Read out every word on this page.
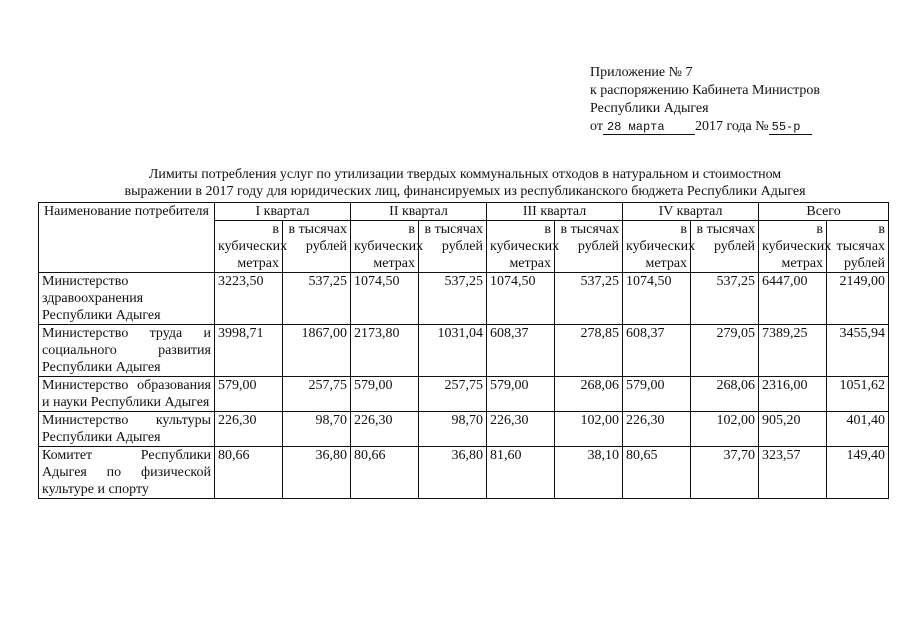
Приложение № 7
к распоряжению Кабинета Министров
Республики Адыгея
от 28 марта 2017 года № 55-р
Лимиты потребления услуг по утилизации твердых коммунальных отходов в натуральном и стоимостном
выражении в 2017 году для юридических лиц, финансируемых из республиканского бюджета Республики Адыгея
Наименование потребителя	I квартал		II квартал		III квартал		IV квартал		Всего	
	в кубических метрах	в тысячах рублей	в кубических метрах	в тысячах рублей	в кубических метрах	в тысячах рублей	в кубических метрах	в тысячах рублей	в кубических метрах	в тысячах рублей
Министерство здравоохранения Республики Адыгея	3223,50	537,25	1074,50	537,25	1074,50	537,25	1074,50	537,25	6447,00	2149,00
Министерство труда и социального развития Республики Адыгея	3998,71	1867,00	2173,80	1031,04	608,37	278,85	608,37	279,05	7389,25	3455,94
Министерство образования и науки Республики Адыгея	579,00	257,75	579,00	257,75	579,00	268,06	579,00	268,06	2316,00	1051,62
Министерство культуры Республики Адыгея	226,30	98,70	226,30	98,70	226,30	102,00	226,30	102,00	905,20	401,40
Комитет Республики Адыгея по физической культуре и спорту	80,66	36,80	80,66	36,80	81,60	38,10	80,65	37,70	323,57	149,40
